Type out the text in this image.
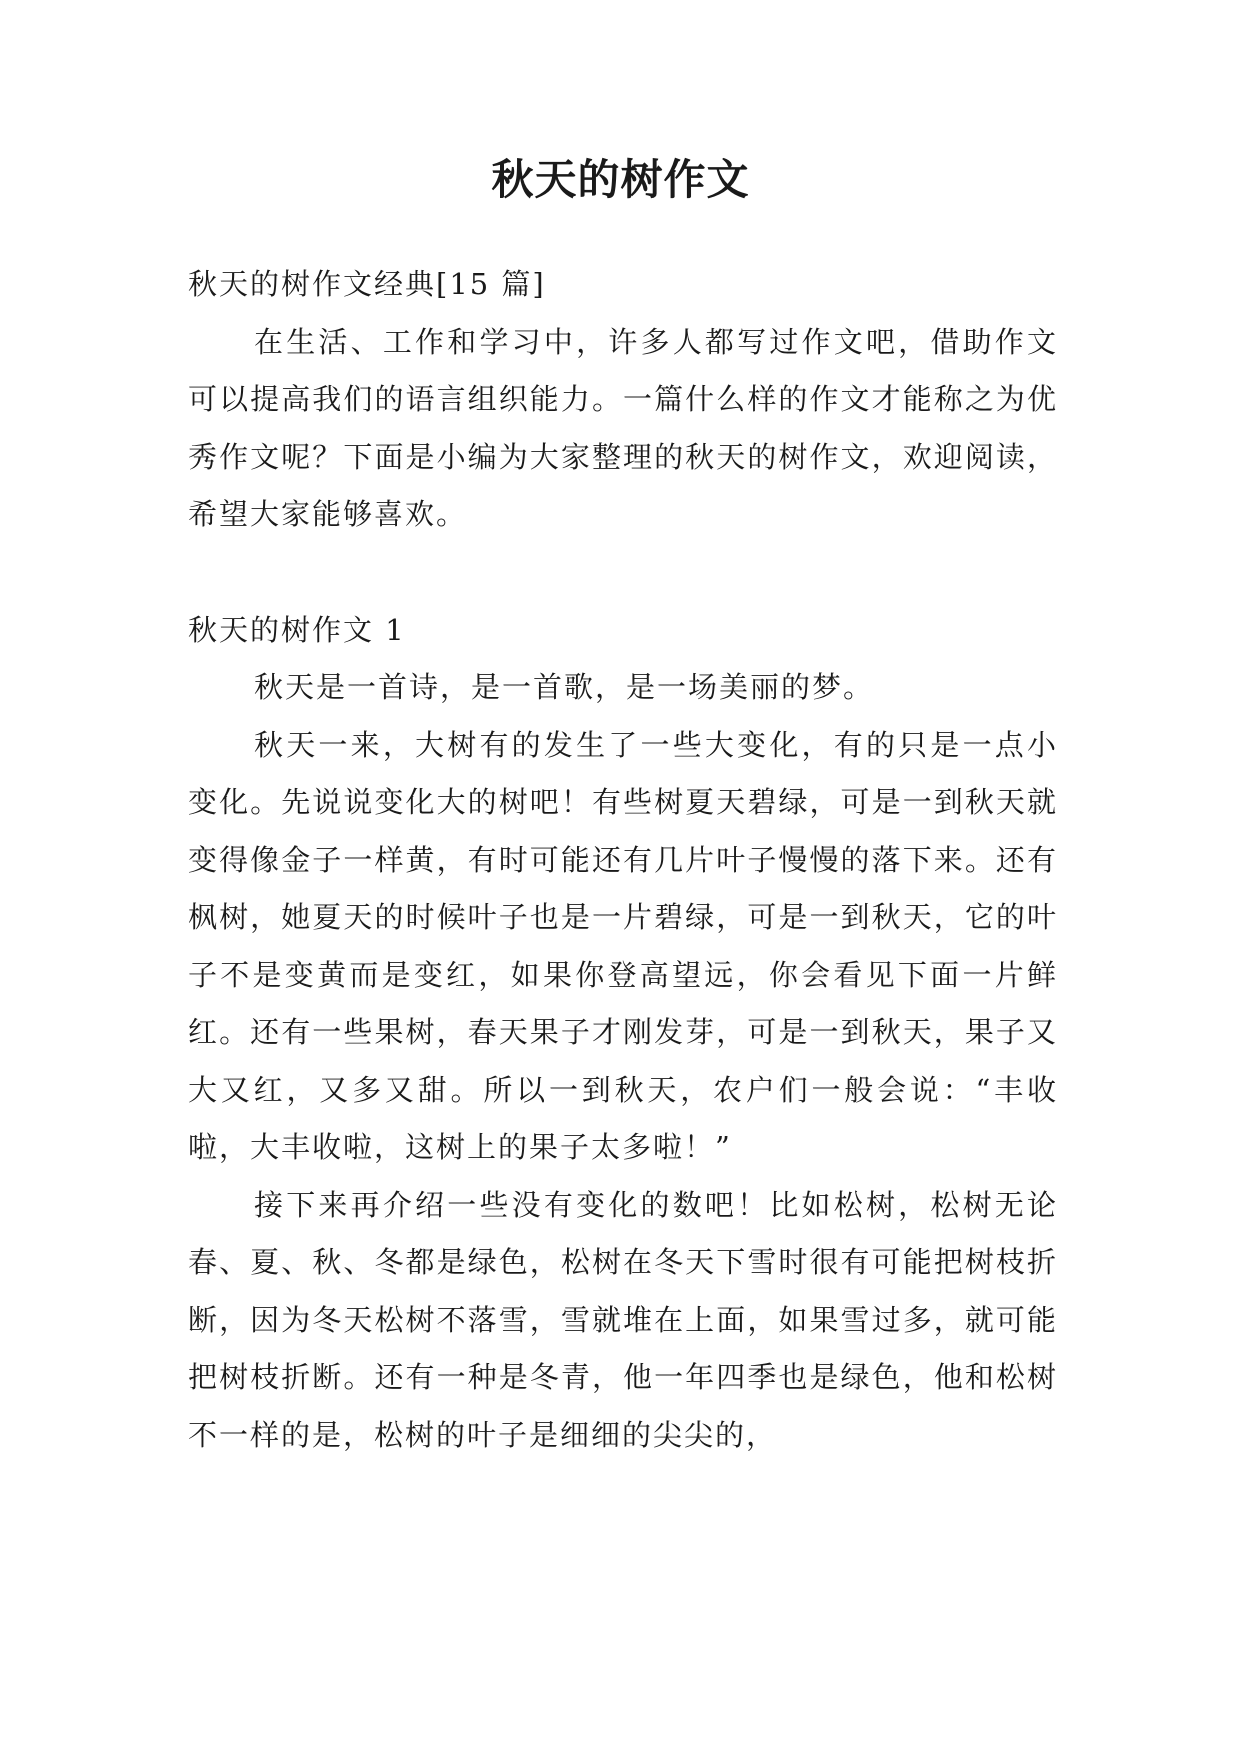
秋天的树作文

秋天的树作文经典[15 篇]

在生活、工作和学习中，许多人都写过作文吧，借助作文可以提高我们的语言组织能力。一篇什么样的作文才能称之为优秀作文呢？下面是小编为大家整理的秋天的树作文，欢迎阅读，希望大家能够喜欢。

秋天的树作文 1

秋天是一首诗，是一首歌，是一场美丽的梦。

秋天一来，大树有的发生了一些大变化，有的只是一点小变化。先说说变化大的树吧！有些树夏天碧绿，可是一到秋天就变得像金子一样黄，有时可能还有几片叶子慢慢的落下来。还有枫树，她夏天的时候叶子也是一片碧绿，可是一到秋天，它的叶子不是变黄而是变红，如果你登高望远，你会看见下面一片鲜红。还有一些果树，春天果子才刚发芽，可是一到秋天，果子又大又红，又多又甜。所以一到秋天，农户们一般会说：“丰收啦，大丰收啦，这树上的果子太多啦！”

接下来再介绍一些没有变化的数吧！比如松树，松树无论春、夏、秋、冬都是绿色，松树在冬天下雪时很有可能把树枝折断，因为冬天松树不落雪，雪就堆在上面，如果雪过多，就可能把树枝折断。还有一种是冬青，他一年四季也是绿色，他和松树不一样的是，松树的叶子是细细的尖尖的，
